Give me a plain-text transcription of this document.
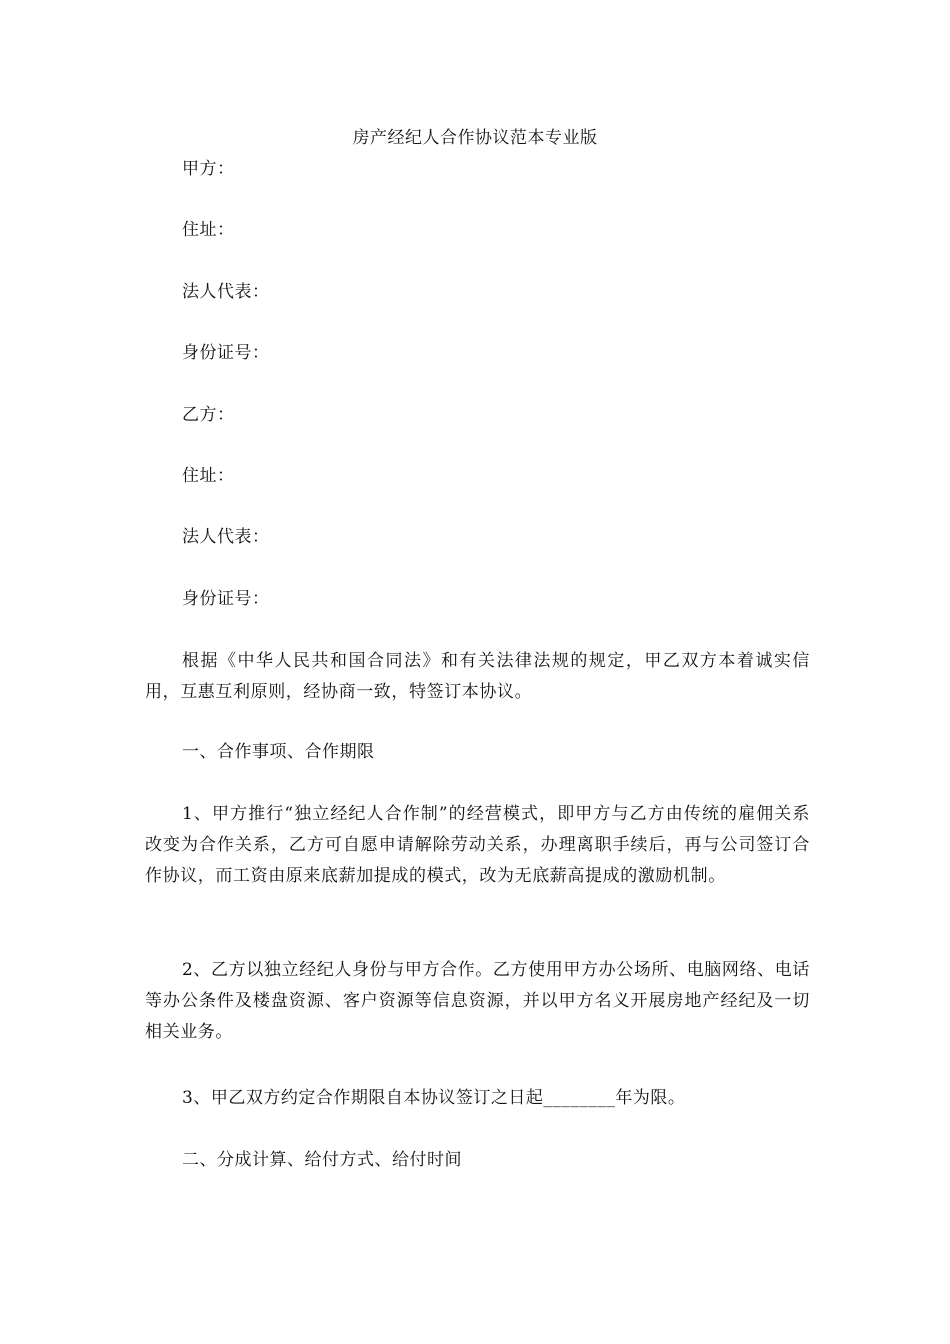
房产经纪人合作协议范本专业版
甲方：
住址：
法人代表：
身份证号：
乙方：
住址：
法人代表：
身份证号：
根据《中华人民共和国合同法》和有关法律法规的规定，甲乙双方本着诚实信用，互惠互利原则，经协商一致，特签订本协议。
一、合作事项、合作期限
1、甲方推行“独立经纪人合作制”的经营模式，即甲方与乙方由传统的雇佣关系改变为合作关系，乙方可自愿申请解除劳动关系，办理离职手续后，再与公司签订合作协议，而工资由原来底薪加提成的模式，改为无底薪高提成的激励机制。
2、乙方以独立经纪人身份与甲方合作。乙方使用甲方办公场所、电脑网络、电话等办公条件及楼盘资源、客户资源等信息资源，并以甲方名义开展房地产经纪及一切相关业务。
3、甲乙双方约定合作期限自本协议签订之日起________年为限。
二、分成计算、给付方式、给付时间
